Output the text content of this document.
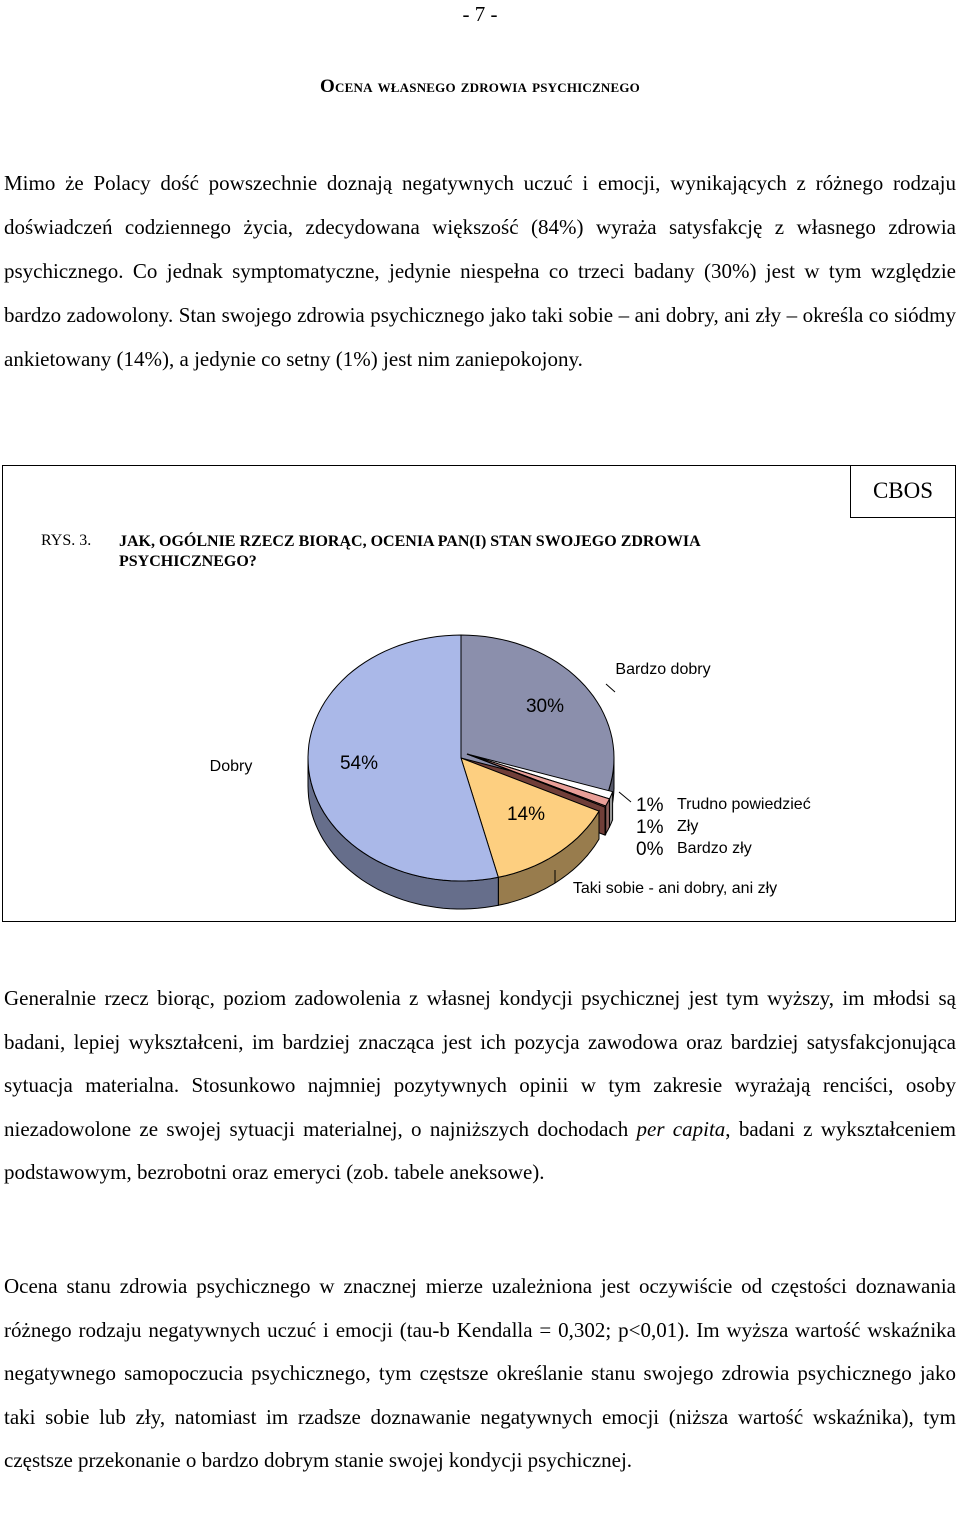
- 7 -
Ocena własnego zdrowia psychicznego

Mimo że Polacy dość powszechnie doznają negatywnych uczuć i emocji, wynikających z różnego rodzaju doświadczeń codziennego życia, zdecydowana większość (84%) wyraża satysfakcję z własnego zdrowia psychicznego. Co jednak symptomatyczne, jedynie niespełna co trzeci badany (30%) jest w tym względzie bardzo zadowolony. Stan swojego zdrowia psychicznego jako taki sobie – ani dobry, ani zły – określa co siódmy ankietowany (14%), a jedynie co setny (1%) jest nim zaniepokojony.

CBOS
RYS. 3. JAK, OGÓLNIE RZECZ BIORĄC, OCENIA PAN(I) STAN SWOJEGO ZDROWIA PSYCHICZNEGO?
30%
Bardzo dobry
1% Trudno powiedzieć
1% Zły
0% Bardzo zły
14%
Taki sobie - ani dobry, ani zły
54%
Dobry

Generalnie rzecz biorąc, poziom zadowolenia z własnej kondycji psychicznej jest tym wyższy, im młodsi są badani, lepiej wykształceni, im bardziej znacząca jest ich pozycja zawodowa oraz bardziej satysfakcjonująca sytuacja materialna. Stosunkowo najmniej pozytywnych opinii w tym zakresie wyrażają renciści, osoby niezadowolone ze swojej sytuacji materialnej, o najniższych dochodach per capita, badani z wykształceniem podstawowym, bezrobotni oraz emeryci (zob. tabele aneksowe).

Ocena stanu zdrowia psychicznego w znacznej mierze uzależniona jest oczywiście od częstości doznawania różnego rodzaju negatywnych uczuć i emocji (tau-b Kendalla = 0,302; p<0,01). Im wyższa wartość wskaźnika negatywnego samopoczucia psychicznego, tym częstsze określanie stanu swojego zdrowia psychicznego jako taki sobie lub zły, natomiast im rzadsze doznawanie negatywnych emocji (niższa wartość wskaźnika), tym częstsze przekonanie o bardzo dobrym stanie swojej kondycji psychicznej.
